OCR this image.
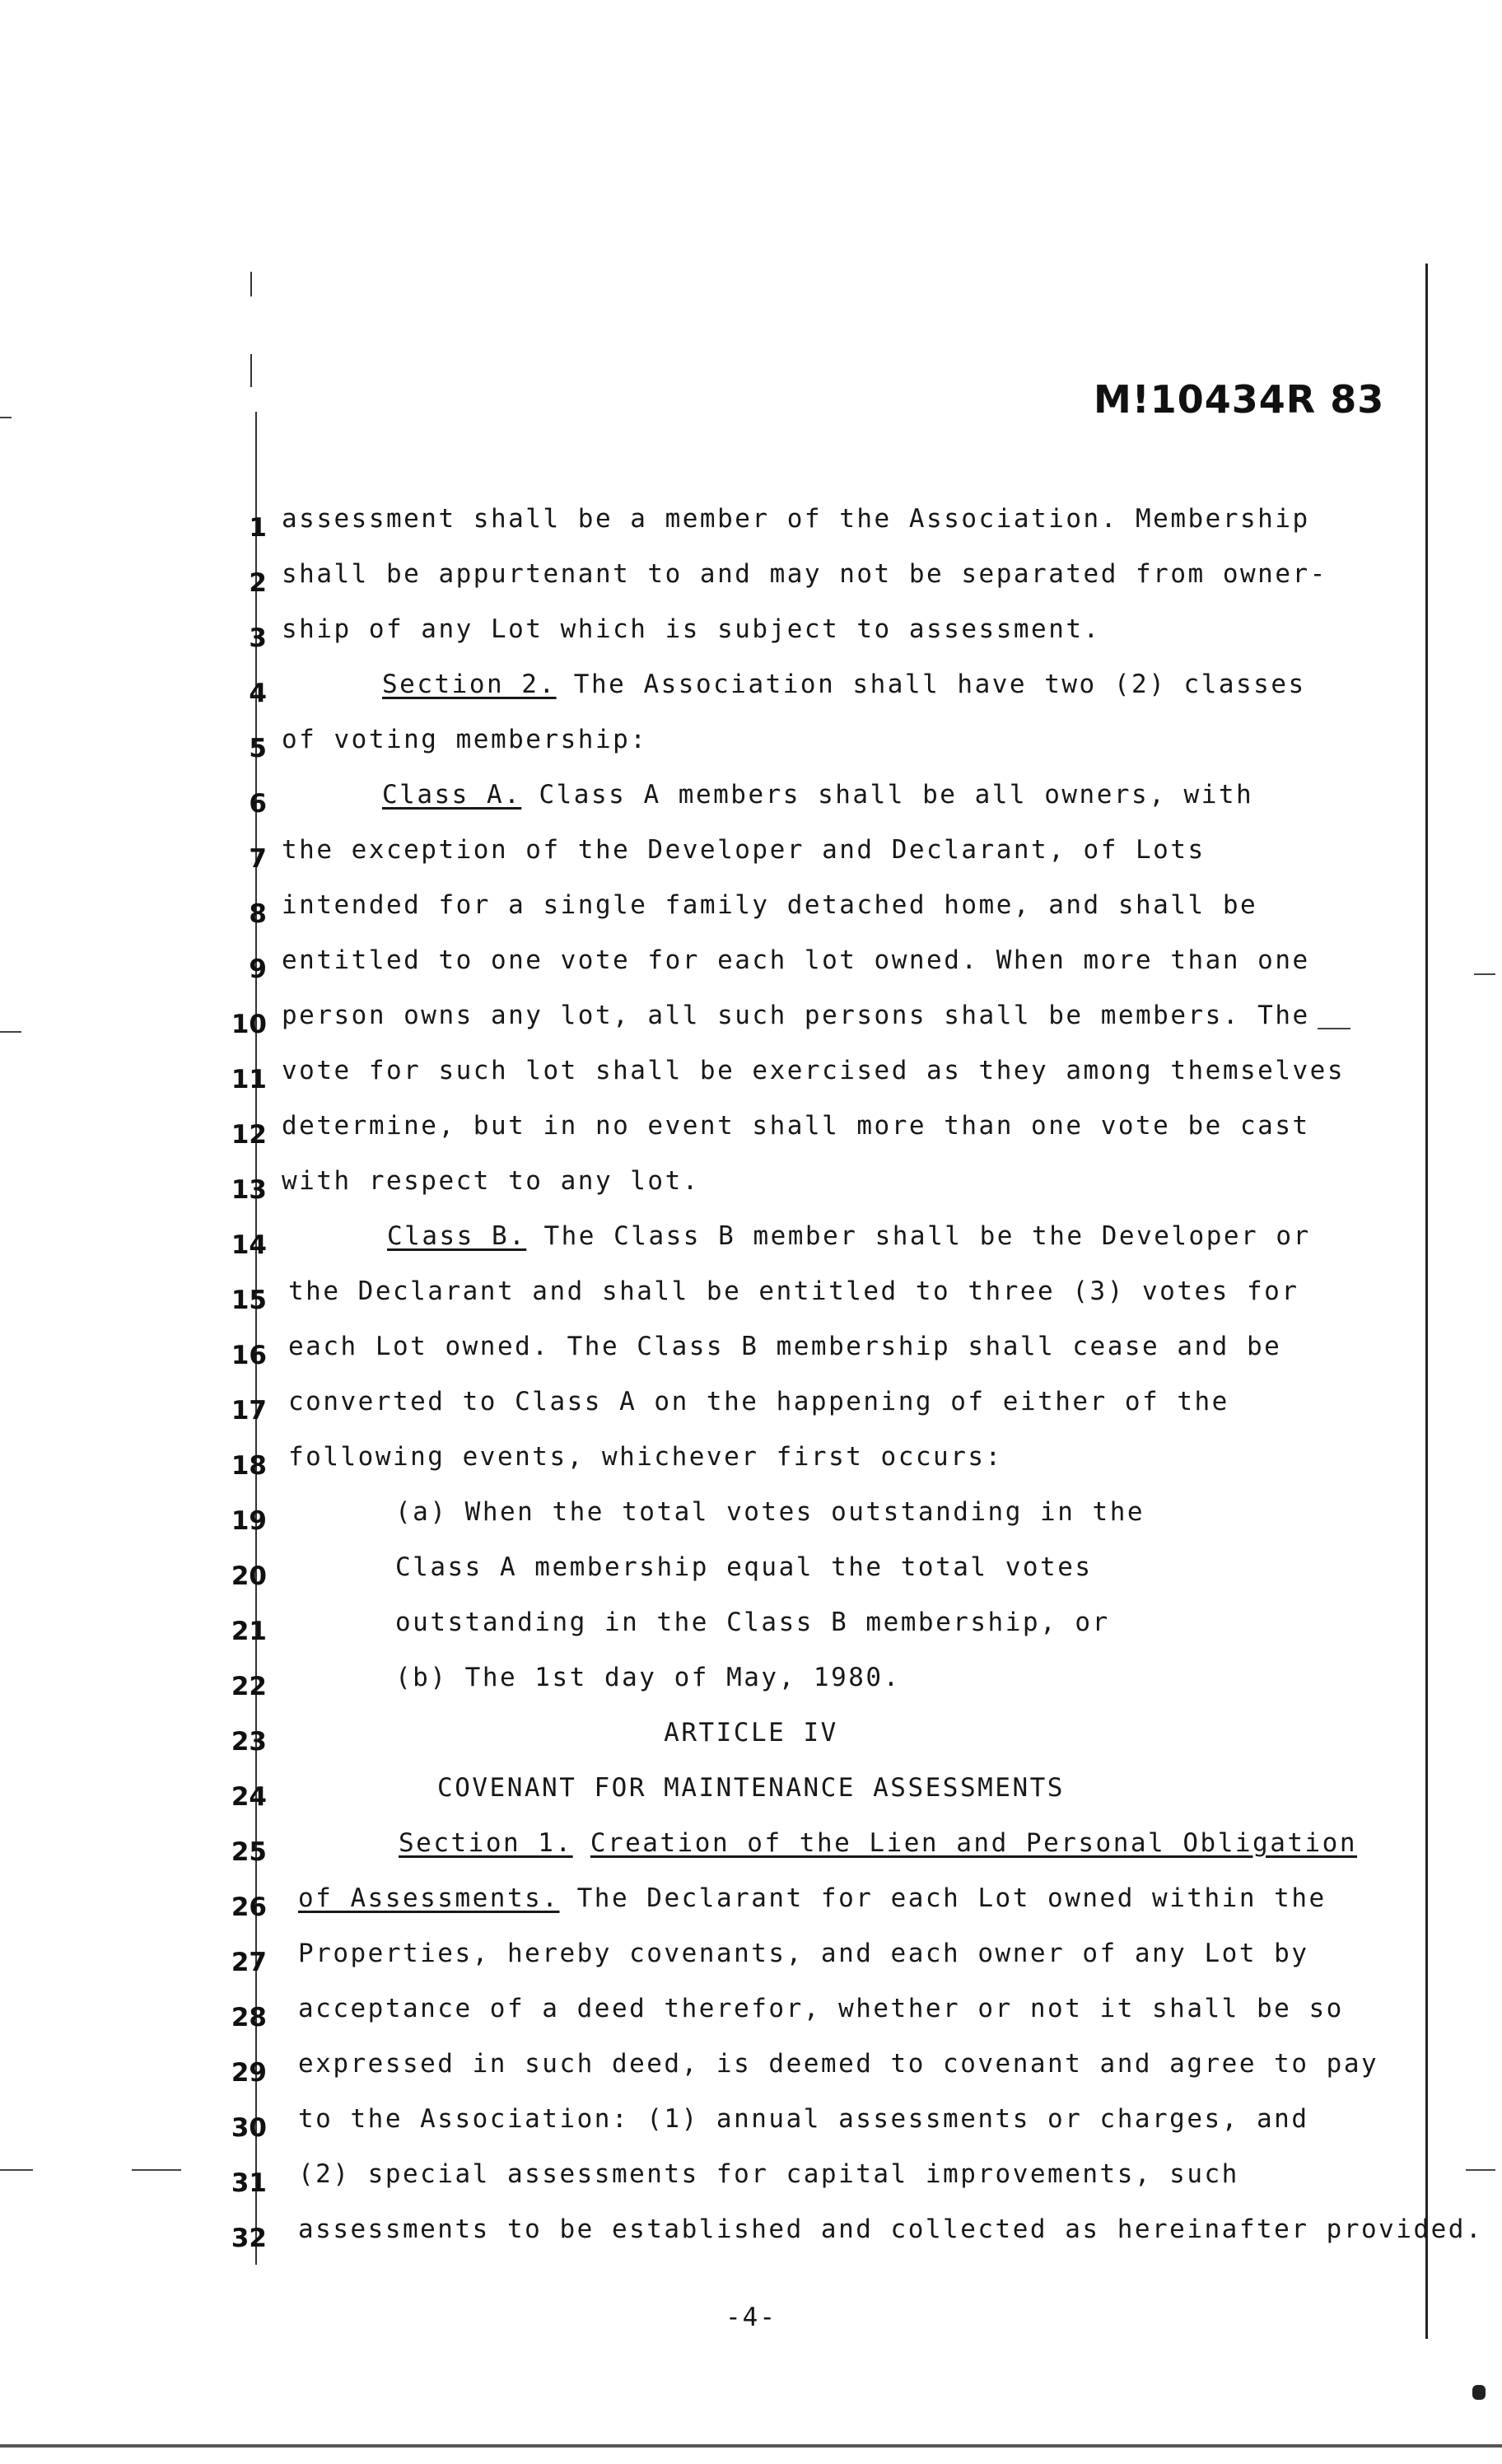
M!10434R 83
1
2
3
4
5
6
7
8
9
10
11
12
13
14
15
16
17
18
19
20
21
22
23
24
25
26
27
28
29
30
31
32
assessment shall be a member of the Association. Membership
shall be appurtenant to and may not be separated from owner-
ship of any Lot which is subject to assessment.
Section 2. The Association shall have two (2) classes
of voting membership:
Class A. Class A members shall be all owners, with
the exception of the Developer and Declarant, of Lots
intended for a single family detached home, and shall be
entitled to one vote for each lot owned. When more than one
person owns any lot, all such persons shall be members. The
vote for such lot shall be exercised as they among themselves
determine, but in no event shall more than one vote be cast
with respect to any lot.
Class B. The Class B member shall be the Developer or
the Declarant and shall be entitled to three (3) votes for
each Lot owned. The Class B membership shall cease and be
converted to Class A on the happening of either of the
following events, whichever first occurs:
(a) When the total votes outstanding in the
Class A membership equal the total votes
outstanding in the Class B membership, or
(b) The 1st day of May, 1980.
ARTICLE IV
COVENANT FOR MAINTENANCE ASSESSMENTS
Section 1. Creation of the Lien and Personal Obligation
of Assessments. The Declarant for each Lot owned within the
Properties, hereby covenants, and each owner of any Lot by
acceptance of a deed therefor, whether or not it shall be so
expressed in such deed, is deemed to covenant and agree to pay
to the Association: (1) annual assessments or charges, and
(2) special assessments for capital improvements, such
assessments to be established and collected as hereinafter provided.
-4-
